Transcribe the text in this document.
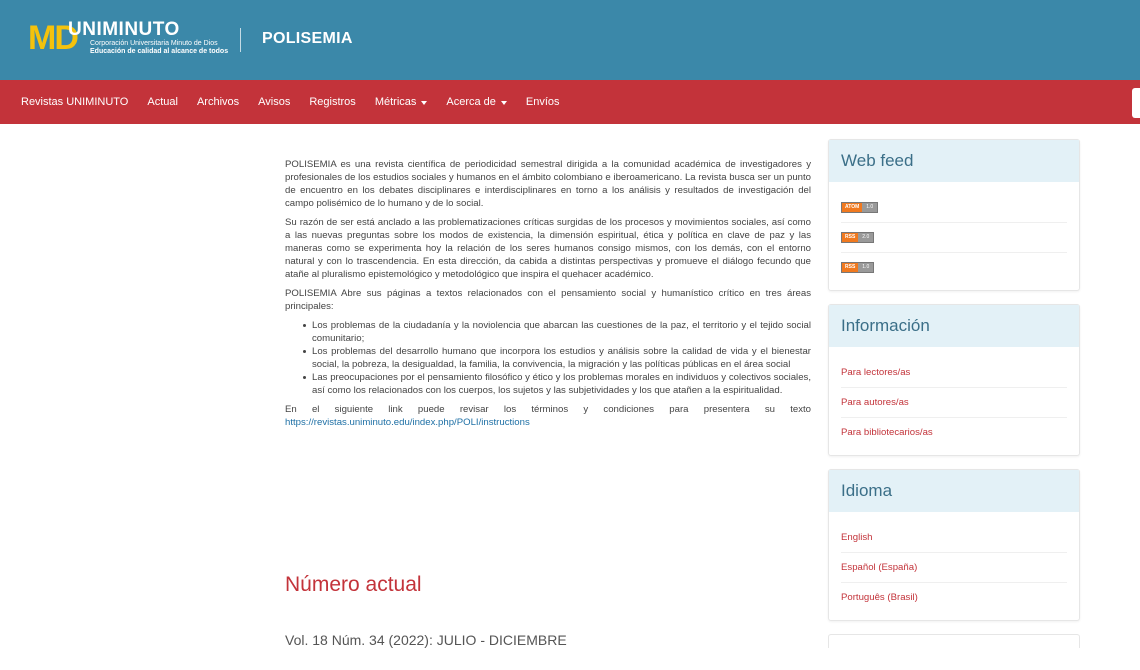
MD
UNIMINUTO
Corporación Universitaria Minuto de Dios
Educación de calidad al alcance de todos
POLISEMIA
Revistas UNIMINUTO Actual Archivos Avisos Registros Métricas	Acerca de	Envíos

POLISEMIA es una revista científica de periodicidad semestral dirigida a la comunidad académica de investigadores y profesionales de los estudios sociales y humanos en el ámbito colombiano e iberoamericano. La revista busca ser un punto de encuentro en los debates disciplinares e interdisciplinares en torno a los análisis y resultados de investigación del campo polisémico de lo humano y de lo social.

Su razón de ser está anclado a las problematizaciones críticas surgidas de los procesos y movimientos sociales, así como a las nuevas preguntas sobre los modos de existencia, la dimensión espiritual, ética y política en clave de paz y las maneras como se experimenta hoy la relación de los seres humanos consigo mismos, con los demás, con el entorno natural y con lo trascendencia. En esta dirección, da cabida a distintas perspectivas y promueve el diálogo fecundo que atañe al pluralismo epistemológico y metodológico que inspira el quehacer académico.

POLISEMIA Abre sus páginas a textos relacionados con el pensamiento social y humanístico crítico en tres áreas principales:

Los problemas de la ciudadanía y la noviolencia que abarcan las cuestiones de la paz, el territorio y el tejido social comunitario;
Los problemas del desarrollo humano que incorpora los estudios y análisis sobre la calidad de vida y el bienestar social, la pobreza, la desigualdad, la familia, la convivencia, la migración y las políticas públicas en el área social
Las preocupaciones por el pensamiento filosófico y ético y los problemas morales en individuos y colectivos sociales, así como los relacionados con los cuerpos, los sujetos y las subjetividades y los que atañen a la espiritualidad.

En el siguiente link puede revisar los términos y condiciones para presentera su texto https://revistas.uniminuto.edu/index.php/POLI/instructions

Número actual
Vol. 18 Núm. 34 (2022): JULIO - DICIEMBRE
Web feed
ATOM	1.0
RSS	2.0
RSS	1.0
Información
Para lectores/as
Para autores/as
Para bibliotecarios/as
Idioma
English
Español (España)
Português (Brasil)
